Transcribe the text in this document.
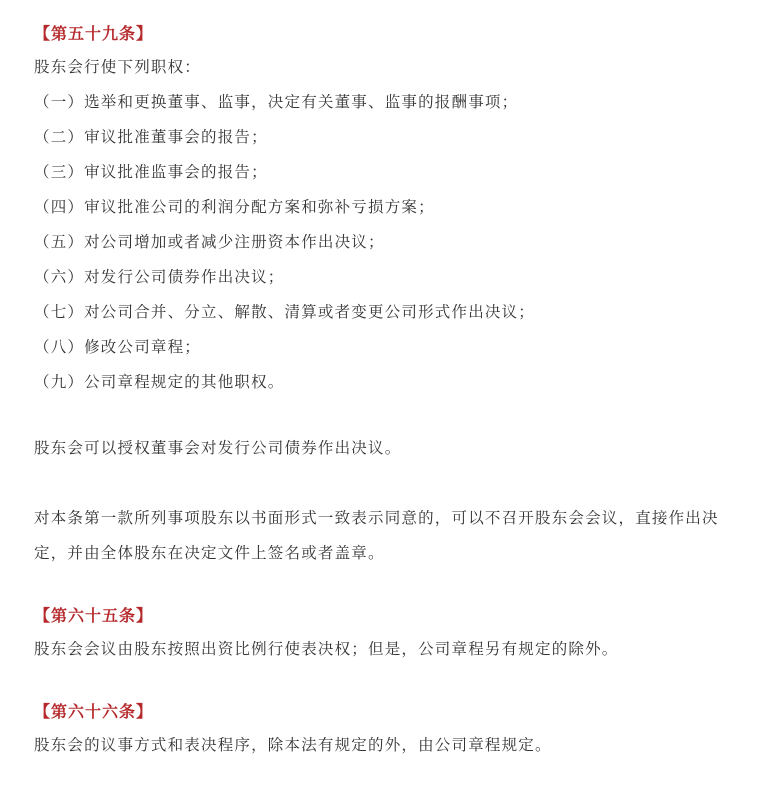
【第五十九条】
股东会行使下列职权：
（一）选举和更换董事、监事，决定有关董事、监事的报酬事项；
（二）审议批准董事会的报告；
（三）审议批准监事会的报告；
（四）审议批准公司的利润分配方案和弥补亏损方案；
（五）对公司增加或者减少注册资本作出决议；
（六）对发行公司债券作出决议；
（七）对公司合并、分立、解散、清算或者变更公司形式作出决议；
（八）修改公司章程；
（九）公司章程规定的其他职权。
股东会可以授权董事会对发行公司债券作出决议。
对本条第一款所列事项股东以书面形式一致表示同意的，可以不召开股东会会议，直接作出决定，并由全体股东在决定文件上签名或者盖章。
【第六十五条】
股东会会议由股东按照出资比例行使表决权；但是，公司章程另有规定的除外。
【第六十六条】
股东会的议事方式和表决程序，除本法有规定的外，由公司章程规定。
